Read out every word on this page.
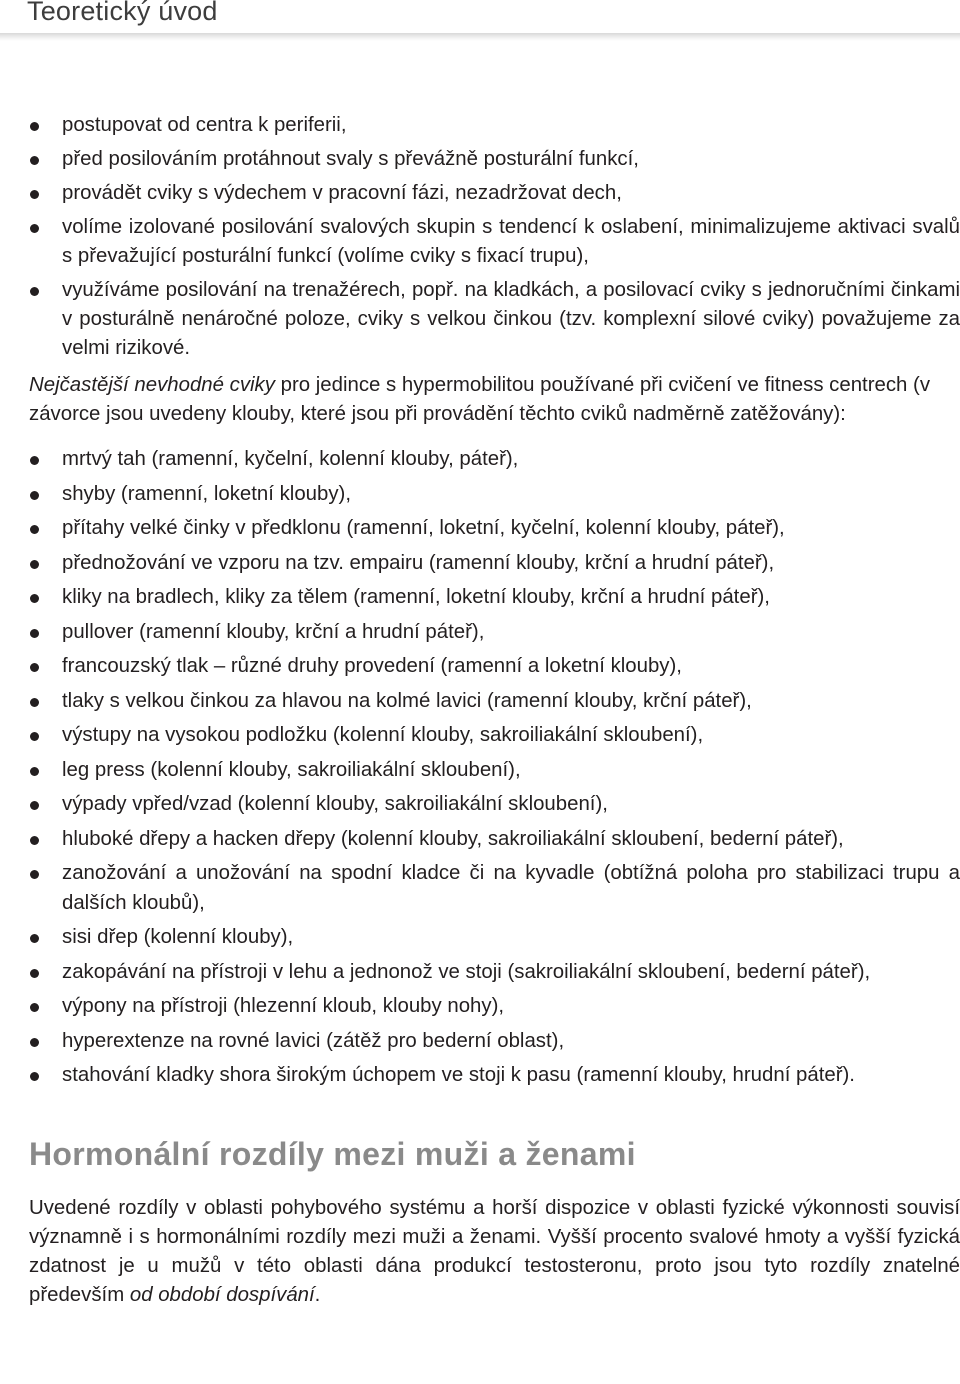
Teoretický úvod
postupovat od centra k periferii,
před posilováním protáhnout svaly s převážně posturální funkcí,
provádět cviky s výdechem v pracovní fázi, nezadržovat dech,
volíme izolované posilování svalových skupin s tendencí k oslabení, minimalizujeme aktivaci svalů s převažující posturální funkcí (volíme cviky s fixací trupu),
využíváme posilování na trenažérech, popř. na kladkách, a posilovací cviky s jednoručními činkami v posturálně nenáročné poloze, cviky s velkou činkou (tzv. komplexní silové cviky) považujeme za velmi rizikové.

Nejčastější nevhodné cviky pro jedince s hypermobilitou používané při cvičení ve fitness centrech (v závorce jsou uvedeny klouby, které jsou při provádění těchto cviků nadměrně zatěžovány):

mrtvý tah (ramenní, kyčelní, kolenní klouby, páteř),
shyby (ramenní, loketní klouby),
přítahy velké činky v předklonu (ramenní, loketní, kyčelní, kolenní klouby, páteř),
přednožování ve vzporu na tzv. empairu (ramenní klouby, krční a hrudní páteř),
kliky na bradlech, kliky za tělem (ramenní, loketní klouby, krční a hrudní páteř),
pullover (ramenní klouby, krční a hrudní páteř),
francouzský tlak – různé druhy provedení (ramenní a loketní klouby),
tlaky s velkou činkou za hlavou na kolmé lavici (ramenní klouby, krční páteř),
výstupy na vysokou podložku (kolenní klouby, sakroiliakální skloubení),
leg press (kolenní klouby, sakroiliakální skloubení),
výpady vpřed/vzad (kolenní klouby, sakroiliakální skloubení),
hluboké dřepy a hacken dřepy (kolenní klouby, sakroiliakální skloubení, bederní páteř),
zanožování a unožování na spodní kladce či na kyvadle (obtížná poloha pro stabilizaci trupu a dalších kloubů),
sisi dřep (kolenní klouby),
zakopávání na přístroji v lehu a jednonož ve stoji (sakroiliakální skloubení, bederní páteř),
výpony na přístroji (hlezenní kloub, klouby nohy),
hyperextenze na rovné lavici (zátěž pro bederní oblast),
stahování kladky shora širokým úchopem ve stoji k pasu (ramenní klouby, hrudní páteř).
Hormonální rozdíly mezi muži a ženami

Uvedené rozdíly v oblasti pohybového systému a horší dispozice v oblasti fyzické výkonnosti souvisí významně i s hormonálními rozdíly mezi muži a ženami. Vyšší procento svalové hmoty a vyšší fyzická zdatnost je u mužů v této oblasti dána produkcí testosteronu, proto jsou tyto rozdíly znatelné především od období dospívání.
